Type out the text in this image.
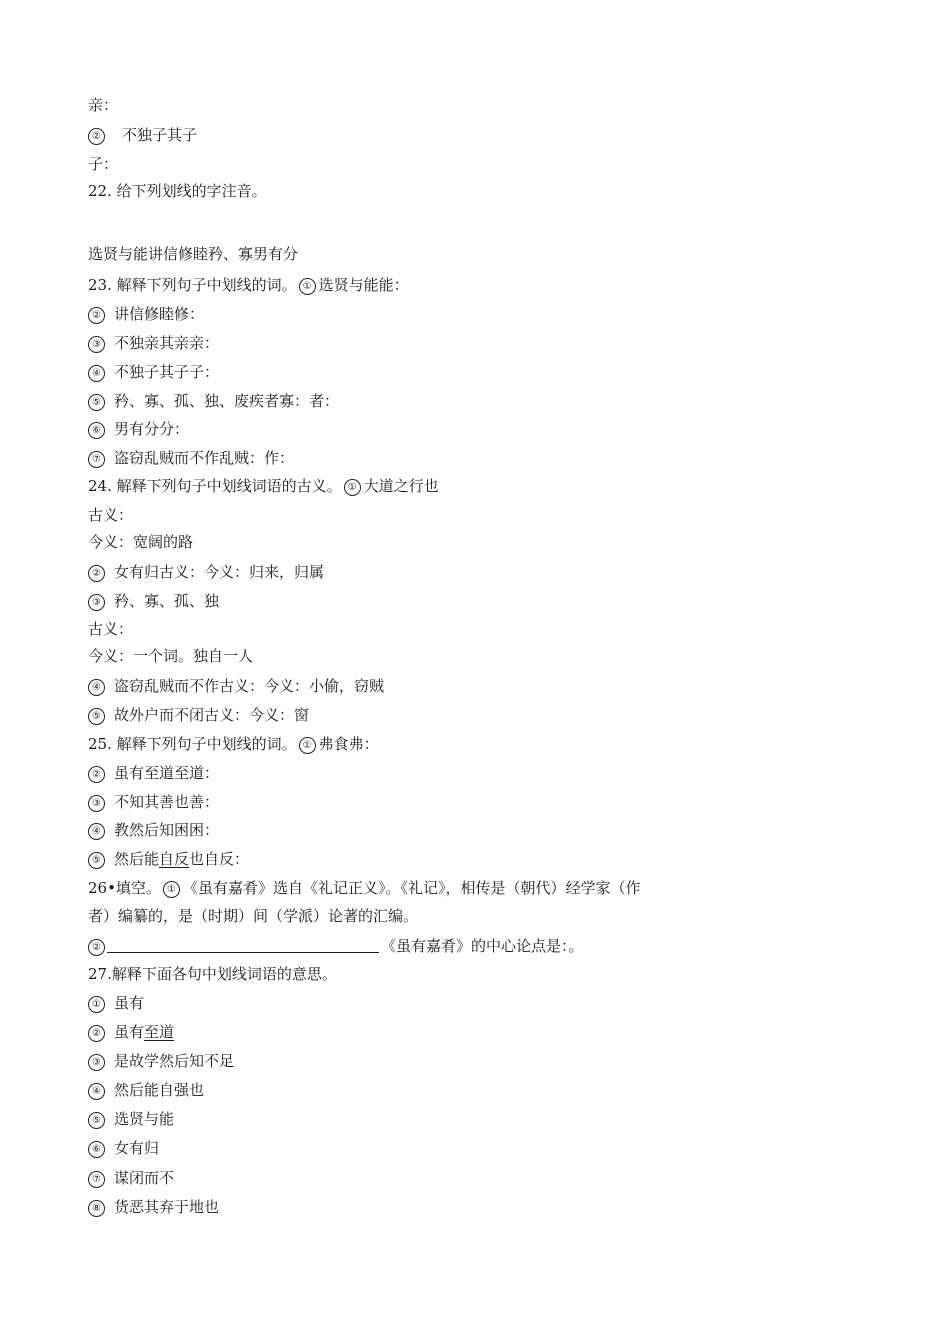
亲：
② 不独子其子
子：
22. 给下列划线的字注音。
选贤与能讲信修睦矜、寡男有分
23. 解释下列句子中划线的词。 ① 选贤与能能：
② 讲信修睦修：
③ 不独亲其亲亲：
④ 不独子其子子：
⑤ 矜、寡、孤、独、废疾者寡：者：
⑥ 男有分分：
⑦ 盗窃乱贼而不作乱贼：作：
24. 解释下列句子中划线词语的古义。 ① 大道之行也
古义：
今义：宽阔的路
② 女有归古义：今义：归来，归属
③ 矜、寡、孤、独
古义：
今义：一个词。独自一人
④ 盗窃乱贼而不作古义：今义：小偷，窃贼
⑤ 故外户而不闭古义：今义：窗
25. 解释下列句子中划线的词。 ① 弗食弗：
② 虽有至道至道：
③ 不知其善也善：
④ 教然后知困困：
⑤ 然后能自反也自反：
26•填空。 ① 《虽有嘉肴》选自《礼记正义》。《礼记》，相传是（朝代）经学家（作
者）编纂的，是（时期）间（学派）论著的汇编。
②	《虽有嘉肴》的中心论点是：。
27.解释下面各句中划线词语的意思。
① 虽有
② 虽有至道
③ 是故学然后知不足
④ 然后能自强也
⑤ 选贤与能
⑥ 女有归
⑦ 谋闭而不
⑧ 货恶其弃于地也
